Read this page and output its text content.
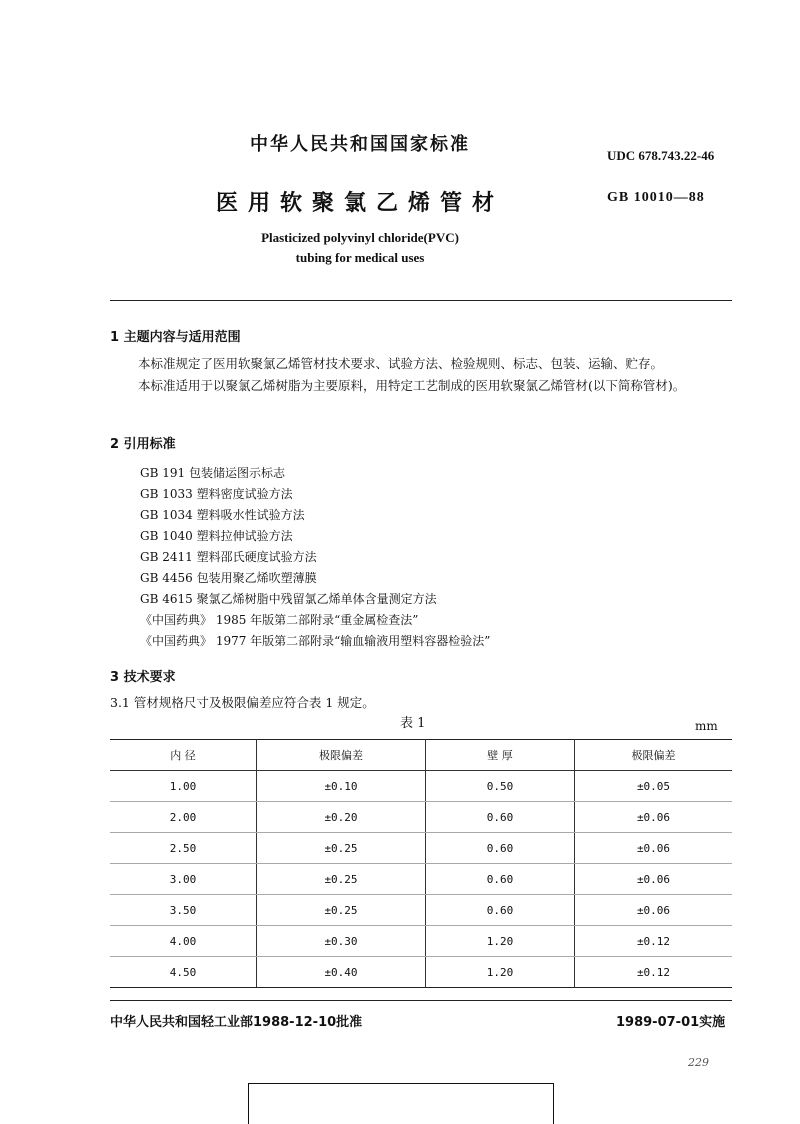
中华人民共和国国家标准
UDC 678.743.22-46
医用软聚氯乙烯管材	GB 10010—88
Plasticized polyvinyl chloride(PVC)
tubing for medical uses
1 主题内容与适用范围
本标准规定了医用软聚氯乙烯管材技术要求、试验方法、检验规则、标志、包装、运输、贮存。
本标准适用于以聚氯乙烯树脂为主要原料，用特定工艺制成的医用软聚氯乙烯管材(以下简称管材)。
2 引用标准
GB 191 包装储运图示标志
GB 1033 塑料密度试验方法
GB 1034 塑料吸水性试验方法
GB 1040 塑料拉伸试验方法
GB 2411 塑料邵氏硬度试验方法
GB 4456 包装用聚乙烯吹塑薄膜
GB 4615 聚氯乙烯树脂中残留氯乙烯单体含量测定方法
《中国药典》 1985 年版第二部附录“重金属检查法”
《中国药典》 1977 年版第二部附录“输血输液用塑料容器检验法”
3 技术要求
3.1 管材规格尺寸及极限偏差应符合表 1 规定。
表 1	mm
内 径	极限偏差	壁 厚	极限偏差
1.00	±0.10	0.50	±0.05
2.00	±0.20	0.60	±0.06
2.50	±0.25	0.60	±0.06
3.00	±0.25	0.60	±0.06
3.50	±0.25	0.60	±0.06
4.00	±0.30	1.20	±0.12
4.50	±0.40	1.20	±0.12
中华人民共和国轻工业部1988-12-10批准	1989-07-01实施
229
